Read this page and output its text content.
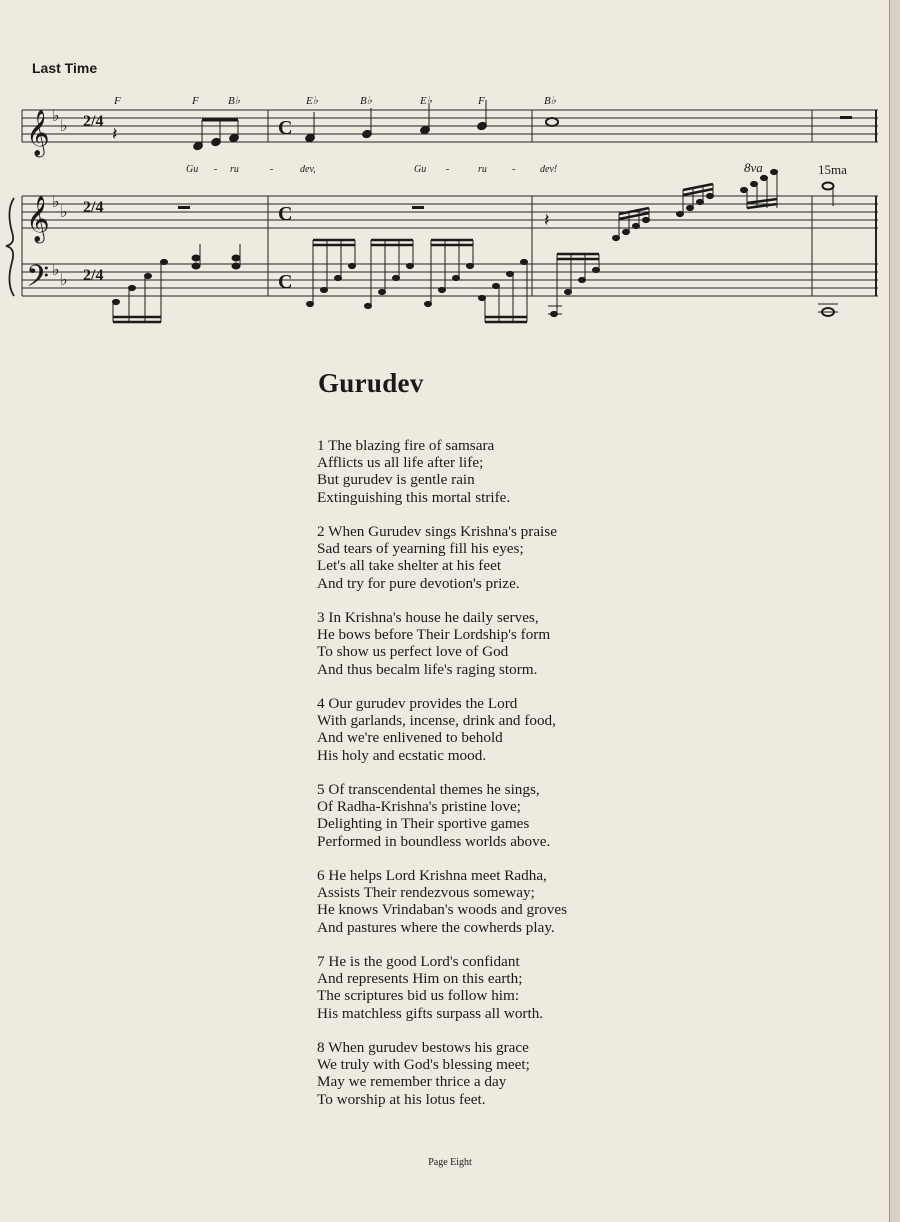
Last Time
𝄞
𝄞
𝄢
♭
♭
♭
♭
♭
♭
2/4
2/4
2/4
C
C
C
F	F	B♭	E♭	B♭	E♭	F	B♭
Gu - ru	-	dev,	Gu -	ru	- dev!	8va	15ma
𝄽
𝄽
Gurudev
1 The blazing fire of samsara
Afflicts us all life after life;
But gurudev is gentle rain
Extinguishing this mortal strife.
2 When Gurudev sings Krishna's praise
Sad tears of yearning fill his eyes;
Let's all take shelter at his feet
And try for pure devotion's prize.
3 In Krishna's house he daily serves,
He bows before Their Lordship's form
To show us perfect love of God
And thus becalm life's raging storm.
4 Our gurudev provides the Lord
With garlands, incense, drink and food,
And we're enlivened to behold
His holy and ecstatic mood.
5 Of transcendental themes he sings,
Of Radha-Krishna's pristine love;
Delighting in Their sportive games
Performed in boundless worlds above.
6 He helps Lord Krishna meet Radha,
Assists Their rendezvous someway;
He knows Vrindaban's woods and groves
And pastures where the cowherds play.
7 He is the good Lord's confidant
And represents Him on this earth;
The scriptures bid us follow him:
His matchless gifts surpass all worth.
8 When gurudev bestows his grace
We truly with God's blessing meet;
May we remember thrice a day
To worship at his lotus feet.
Page Eight
